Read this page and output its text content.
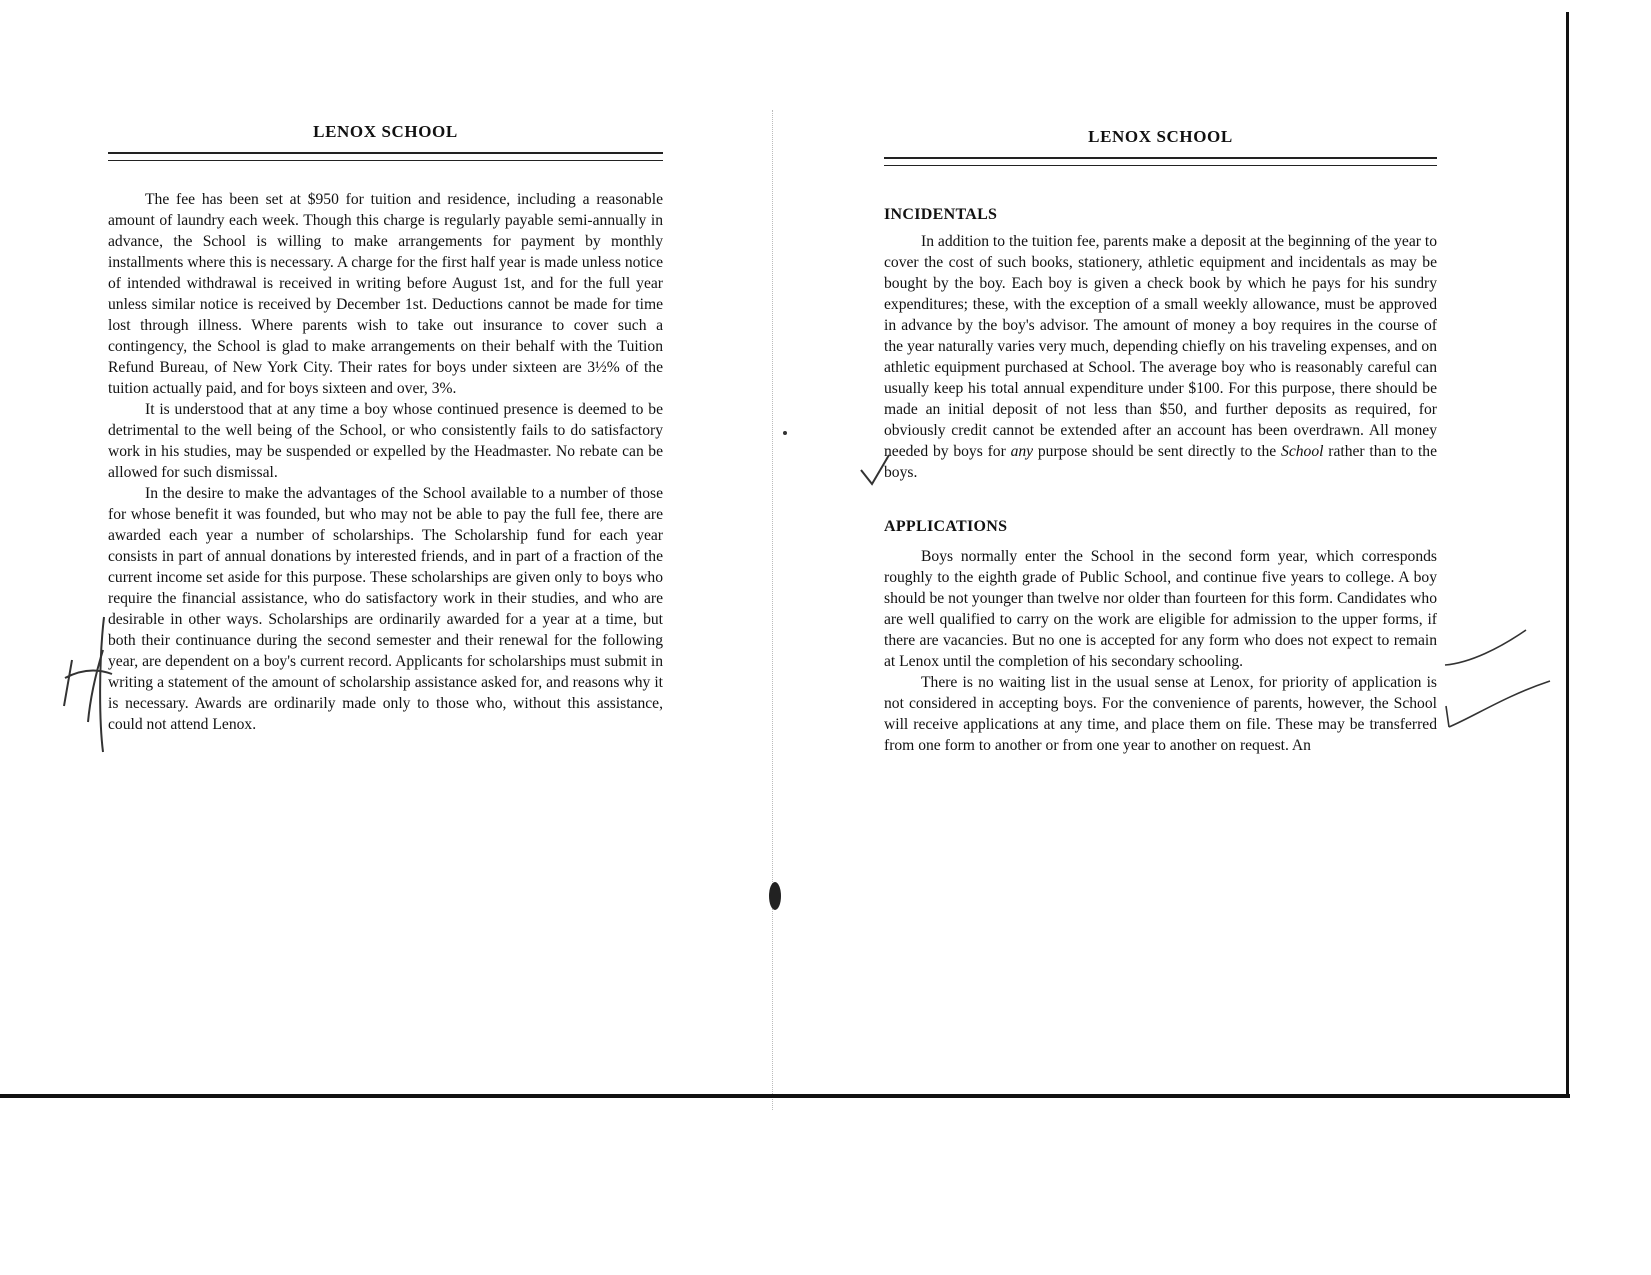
LENOX SCHOOL

The fee has been set at $950 for tuition and residence, including a reasonable amount of laundry each week. Though this charge is regularly payable semi-annually in advance, the School is willing to make arrangements for payment by monthly installments where this is necessary. A charge for the first half year is made unless notice of intended withdrawal is received in writing before August 1st, and for the full year unless similar notice is received by December 1st. Deductions cannot be made for time lost through illness. Where parents wish to take out insurance to cover such a contingency, the School is glad to make arrangements on their behalf with the Tuition Refund Bureau, of New York City. Their rates for boys under sixteen are 3½% of the tuition actually paid, and for boys sixteen and over, 3%.

It is understood that at any time a boy whose continued presence is deemed to be detrimental to the well being of the School, or who consistently fails to do satisfactory work in his studies, may be suspended or expelled by the Headmaster. No rebate can be allowed for such dismissal.

In the desire to make the advantages of the School available to a number of those for whose benefit it was founded, but who may not be able to pay the full fee, there are awarded each year a number of scholarships. The Scholarship fund for each year consists in part of annual donations by interested friends, and in part of a fraction of the current income set aside for this purpose. These scholarships are given only to boys who require the financial assistance, who do satisfactory work in their studies, and who are desirable in other ways. Scholarships are ordinarily awarded for a year at a time, but both their continuance during the second semester and their renewal for the following year, are dependent on a boy's current record. Applicants for scholarships must submit in writing a statement of the amount of scholarship assistance asked for, and reasons why it is necessary. Awards are ordinarily made only to those who, without this assistance, could not attend Lenox.

LENOX SCHOOL
INCIDENTALS

In addition to the tuition fee, parents make a deposit at the beginning of the year to cover the cost of such books, stationery, athletic equipment and incidentals as may be bought by the boy. Each boy is given a check book by which he pays for his sundry expenditures; these, with the exception of a small weekly allowance, must be approved in advance by the boy's advisor. The amount of money a boy requires in the course of the year naturally varies very much, depending chiefly on his traveling expenses, and on athletic equipment purchased at School. The average boy who is reasonably careful can usually keep his total annual expenditure under $100. For this purpose, there should be made an initial deposit of not less than $50, and further deposits as required, for obviously credit cannot be extended after an account has been overdrawn. All money needed by boys for any purpose should be sent directly to the School rather than to the boys.

APPLICATIONS

Boys normally enter the School in the second form year, which corresponds roughly to the eighth grade of Public School, and continue five years to college. A boy should be not younger than twelve nor older than fourteen for this form. Candidates who are well qualified to carry on the work are eligible for admission to the upper forms, if there are vacancies. But no one is accepted for any form who does not expect to remain at Lenox until the completion of his secondary schooling.

There is no waiting list in the usual sense at Lenox, for priority of application is not considered in accepting boys. For the convenience of parents, however, the School will receive applications at any time, and place them on file. These may be transferred from one form to another or from one year to another on request. An
